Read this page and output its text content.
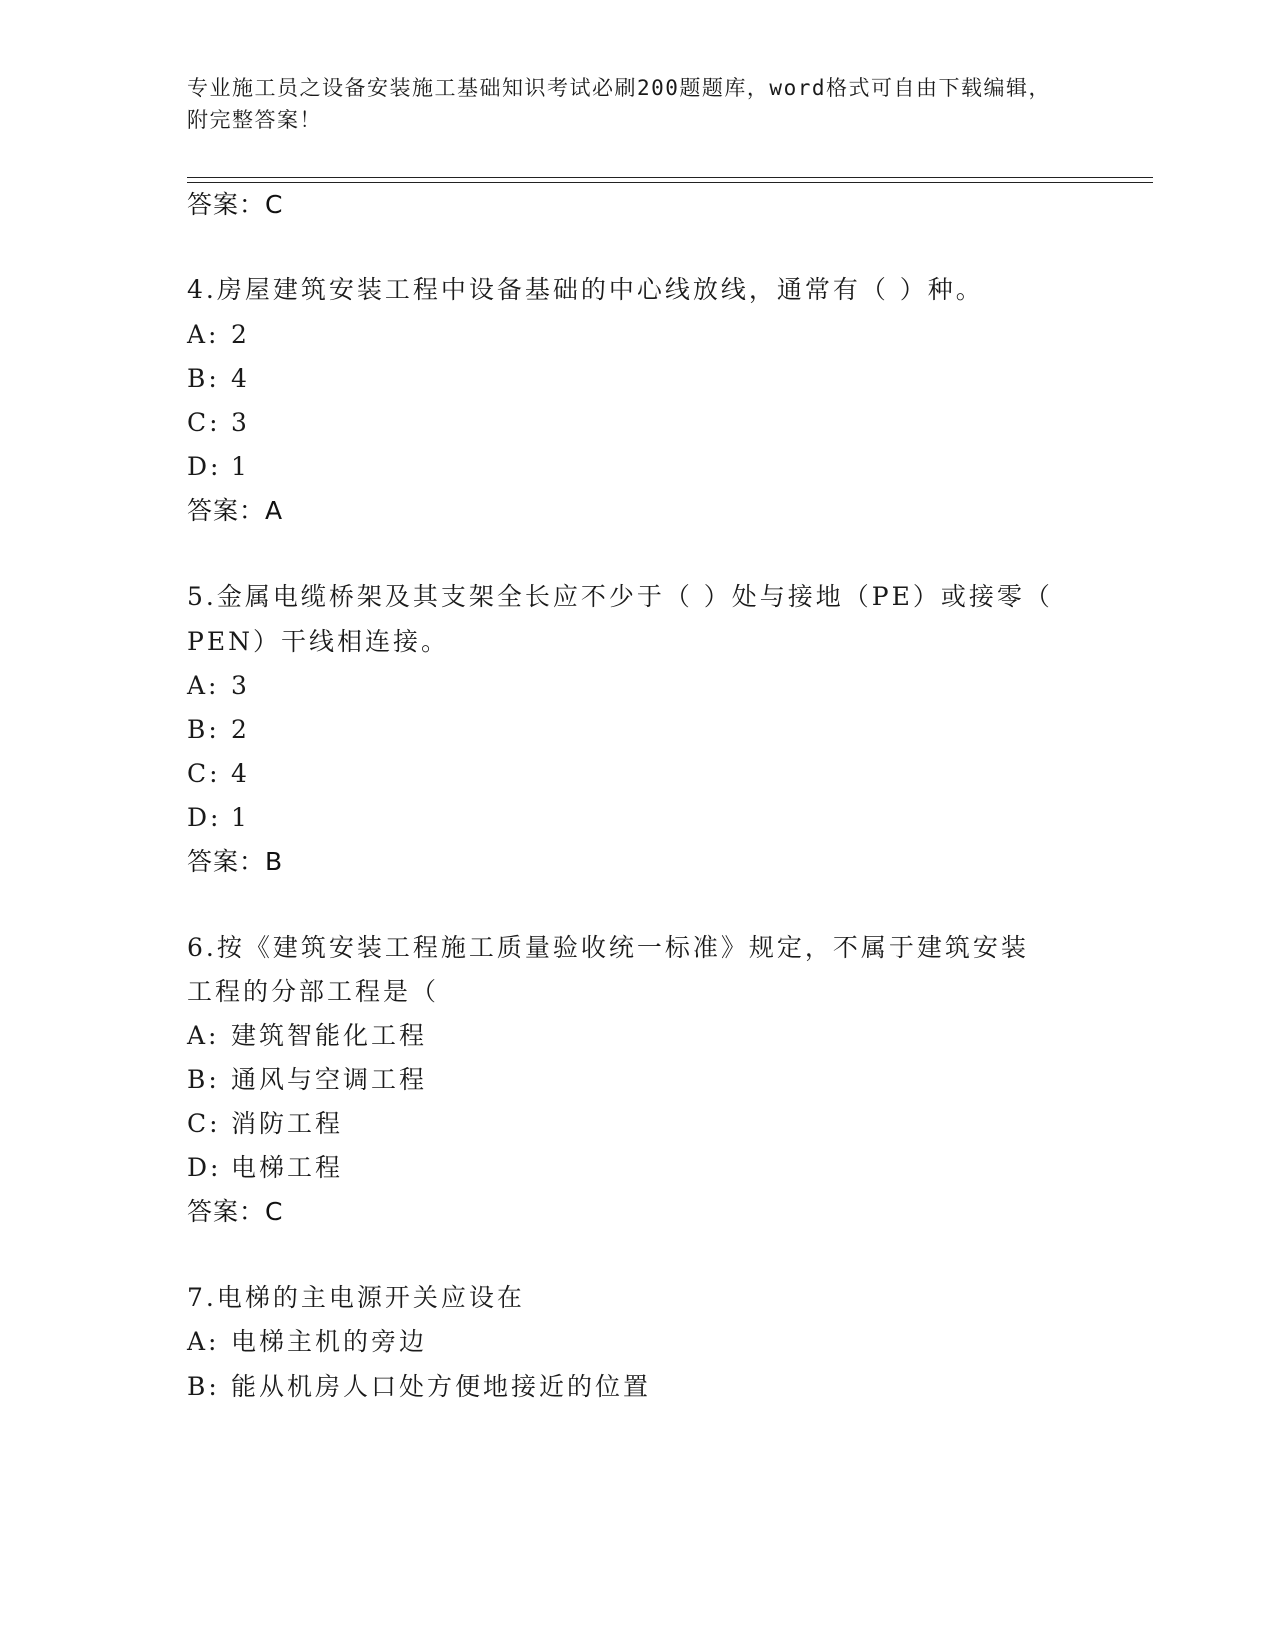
专业施工员之设备安装施工基础知识考试必刷200题题库，word格式可自由下载编辑，附完整答案！
答案：C
4.房屋建筑安装工程中设备基础的中心线放线，通常有（ ）种。
A: 2
B: 4
C: 3
D: 1
答案：A
5.金属电缆桥架及其支架全长应不少于（ ）处与接地（PE）或接零（
PEN）干线相连接。
A: 3
B: 2
C: 4
D: 1
答案：B
6.按《建筑安装工程施工质量验收统一标准》规定，不属于建筑安装
工程的分部工程是（
A: 建筑智能化工程
B: 通风与空调工程
C: 消防工程
D: 电梯工程
答案：C
7.电梯的主电源开关应设在
A: 电梯主机的旁边
B: 能从机房人口处方便地接近的位置
